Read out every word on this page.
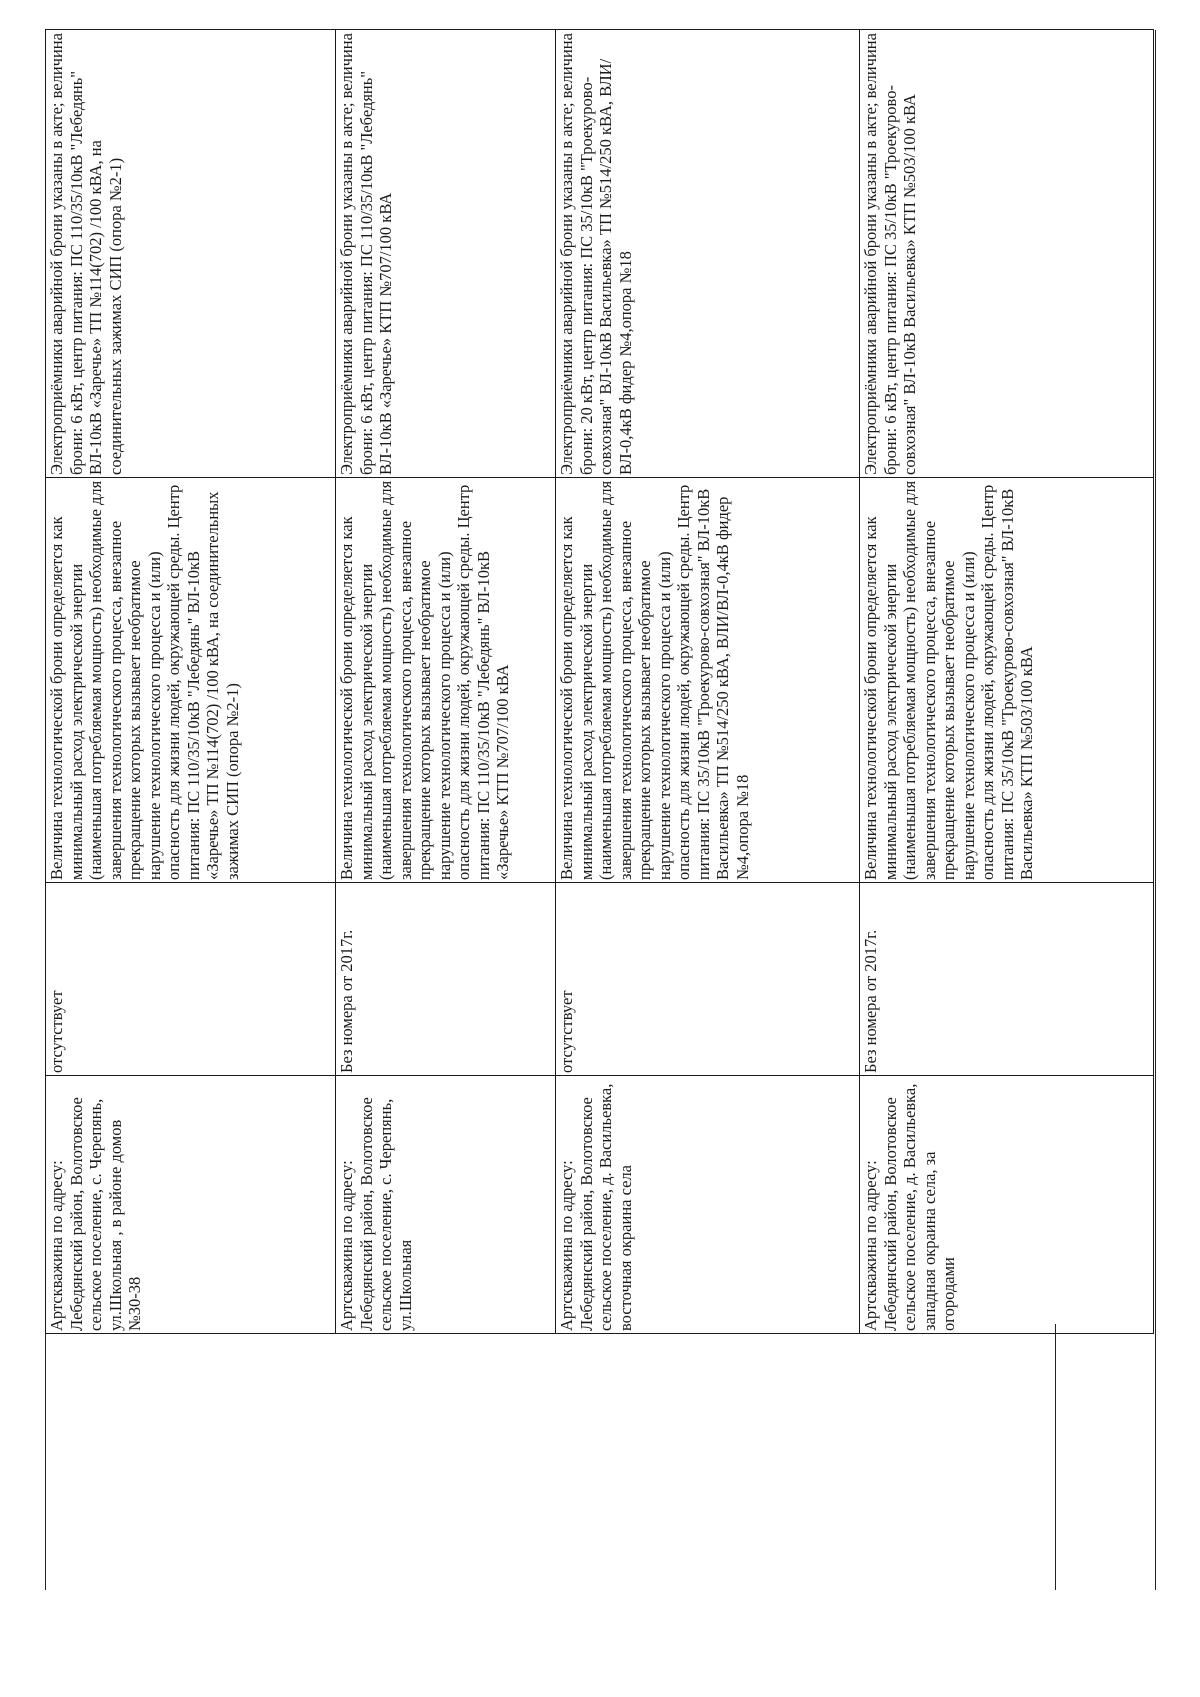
Артскважина по адресу: Лебедянский район, Волотовское сельское поселение, с. Черепянь, ул.Школьная , в районе домов №30-38	отсутствует	Величина технологической брони определяется как минимальный расход электрической энергии (наименьшая потребляемая мощность) необходимые для завершения технологического процесса, внезапное прекращение которых вызывает необратимое нарушение технологического процесса и (или) опасность для жизни людей, окружающей среды. Центр питания: ПС 110/35/10кВ "Лебедянь" ВЛ-10кВ «Заречье» ТП №114(702) /100 кВА, на соединительных зажимах СИП (опора №2-1)	Электроприёмники аварийной брони указаны в акте; величина брони: 6 кВт, центр питания: ПС 110/35/10кВ "Лебедянь" ВЛ-10кВ «Заречье» ТП №114(702) /100 кВА, на соединительных зажимах СИП (опора №2-1)
Артскважина по адресу: Лебедянский район, Волотовское сельское поселение, с. Черепянь, ул.Школьная	Без номера от 2017г.	Величина технологической брони определяется как минимальный расход электрической энергии (наименьшая потребляемая мощность) необходимые для завершения технологического процесса, внезапное прекращение которых вызывает необратимое нарушение технологического процесса и (или) опасность для жизни людей, окружающей среды. Центр питания: ПС 110/35/10кВ "Лебедянь" ВЛ-10кВ «Заречье» КТП №707/100 кВА	Электроприёмники аварийной брони указаны в акте; величина брони: 6 кВт, центр питания: ПС 110/35/10кВ "Лебедянь" ВЛ-10кВ «Заречье» КТП №707/100 кВА
Артскважина по адресу: Лебедянский район, Волотовское сельское поселение, д. Васильевка, восточная окраина села	отсутствует	Величина технологической брони определяется как минимальный расход электрической энергии (наименьшая потребляемая мощность) необходимые для завершения технологического процесса, внезапное прекращение которых вызывает необратимое нарушение технологического процесса и (или) опасность для жизни людей, окружающей среды. Центр питания: ПС 35/10кВ "Троекурово-совхозная" ВЛ-10кВ Васильевка» ТП №514/250 кВА, ВЛИ/ВЛ-0,4кВ фидер №4,опора №18	Электроприёмники аварийной брони указаны в акте; величина брони: 20 кВт, центр питания: ПС 35/10кВ "Троекурово-совхозная" ВЛ-10кВ Васильевка» ТП №514/250 кВА, ВЛИ/ВЛ-0,4кВ фидер №4,опора №18
Артскважина по адресу: Лебедянский район, Волотовское сельское поселение, д. Васильевка, западная окраина села, за огородами	Без номера от 2017г.	Величина технологической брони определяется как минимальный расход электрической энергии (наименьшая потребляемая мощность) необходимые для завершения технологического процесса, внезапное прекращение которых вызывает необратимое нарушение технологического процесса и (или) опасность для жизни людей, окружающей среды. Центр питания: ПС 35/10кВ "Троекурово-совхозная" ВЛ-10кВ Васильевка» КТП №503/100 кВА	Электроприёмники аварийной брони указаны в акте; величина брони: 6 кВт, центр питания: ПС 35/10кВ "Троекурово-совхозная" ВЛ-10кВ Васильевка» КТП №503/100 кВА
